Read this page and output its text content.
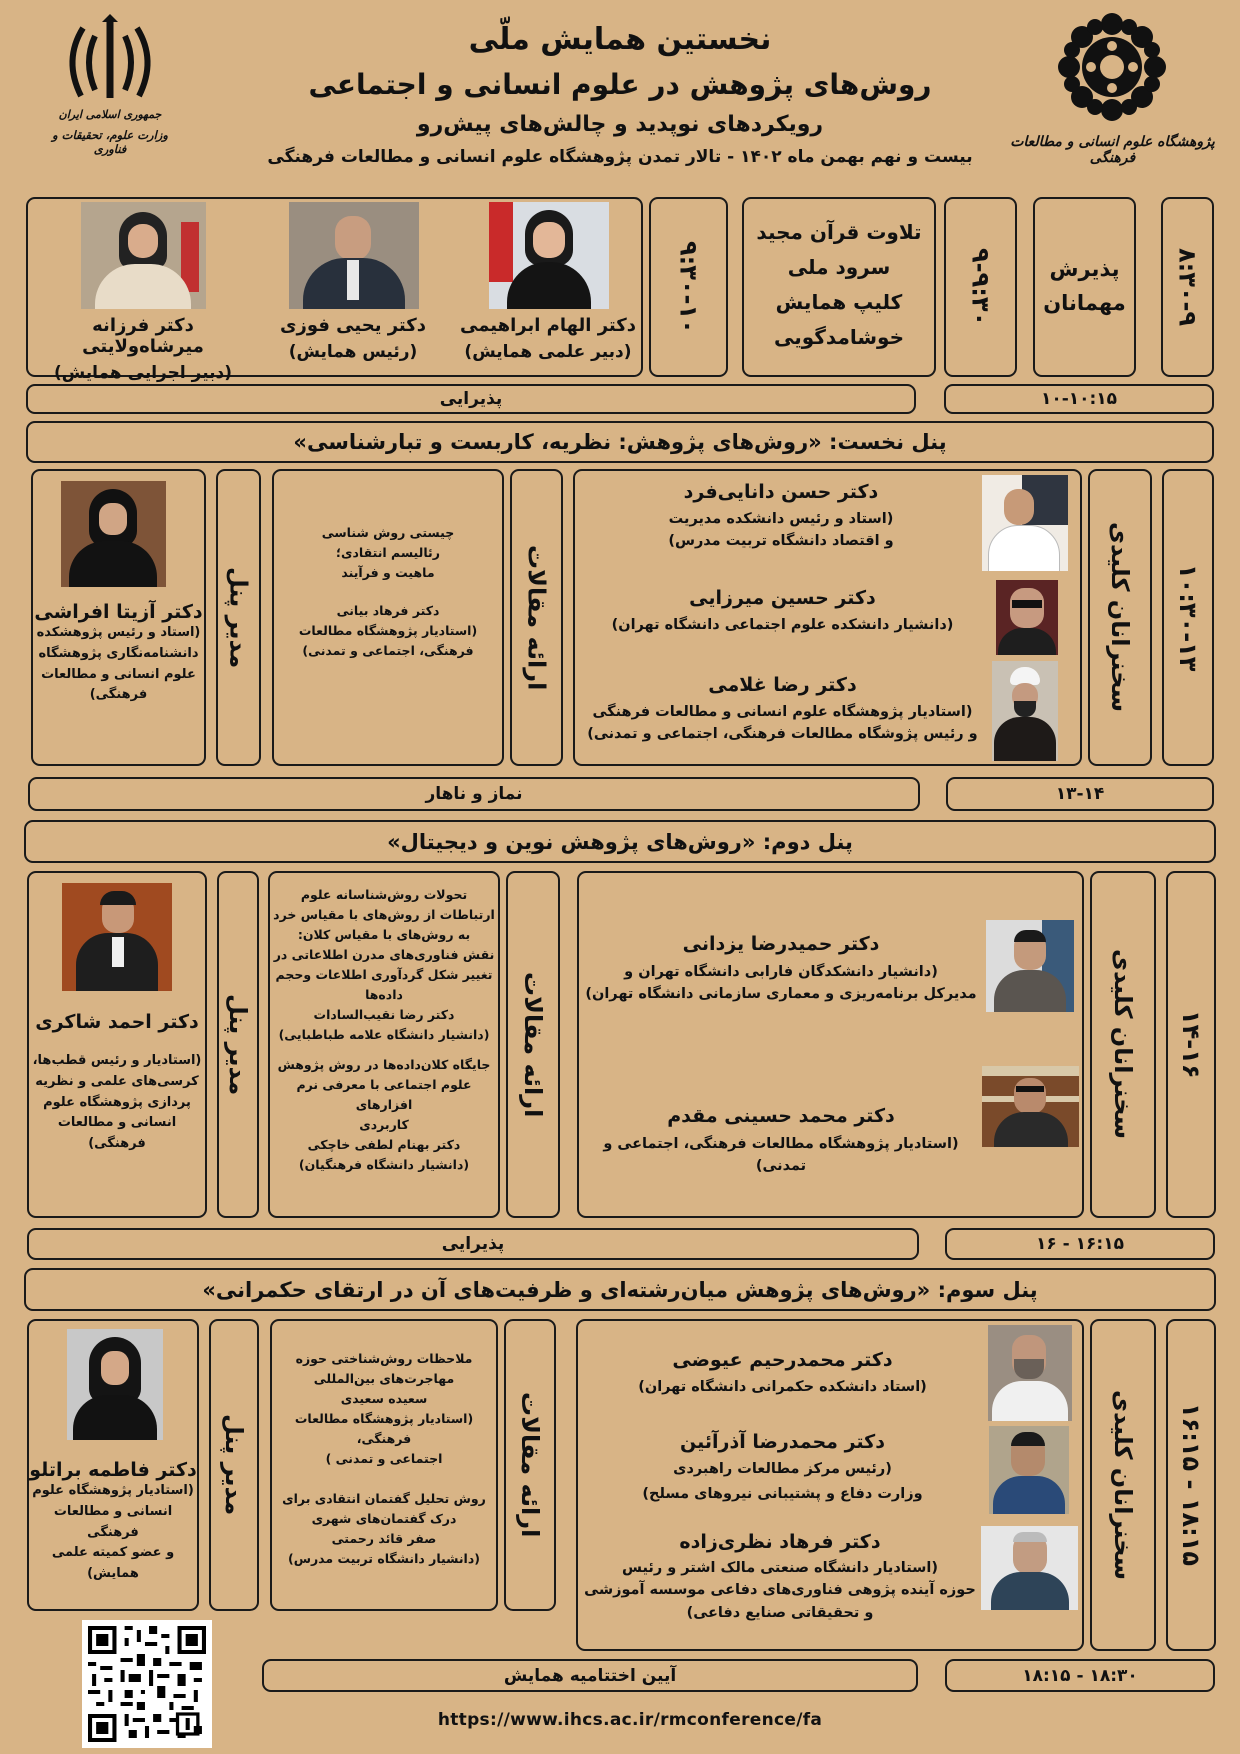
جمهوری اسلامی ایران
وزارت علوم، تحقیقات و فناوری	پژوهشگاه علوم انسانی و مطالعات فرهنگی
نخستین همایش ملّی
روش‌های پژوهش در علوم انسانی و اجتماعی
رویکردهای نوپدید و چالش‌های پیش‌رو
بیست و نهم بهمن ماه ۱۴۰۲ - تالار تمدن پژوهشگاه علوم انسانی و مطالعات فرهنگی
۸:۳۰-۹
پذیرش مهمانان
۹-۹:۳۰
تلاوت قرآن مجید
سرود ملی
کلیپ همایش
خوشامدگویی
۹:۳۰-۱۰
دکتر الهام ابراهیمی
(دبیر علمی همایش)
دکتر یحیی فوزی
(رئیس همایش)
دکتر فرزانه میرشاه‌ولایتی
(دبیر اجرایی همایش)
۱۰-۱۰:۱۵
پذیرایی
پنل نخست: «روش‌های پژوهش: نظریه، کاربست و تبارشناسی»
۱۰:۳۰-۱۳
سخنرانان کلیدی
دکتر حسن دانایی‌فرد
(استاد و رئیس دانشکده مدیریت
و اقتصاد دانشگاه تربیت مدرس)
دکتر حسین میرزایی
(دانشیار دانشکده علوم اجتماعی دانشگاه تهران)
دکتر رضا غلامی
(استادیار پژوهشگاه علوم انسانی و مطالعات فرهنگی
و رئیس پژوشگاه مطالعات فرهنگی، اجتماعی و تمدنی)
ارائه مقالات
چیستی روش شناسی
رئالیسم انتقادی؛
ماهیت و فرآیند
دکتر فرهاد بیانی
(استادیار پژوهشگاه مطالعات
فرهنگی، اجتماعی و تمدنی)
مدیر پنل
دکتر آزیتا افراشی
(استاد و رئیس پژوهشکده
دانشنامه‌نگاری پژوهشگاه
علوم انسانی و مطالعات
فرهنگی)
۱۳-۱۴
نماز و ناهار
پنل دوم: «روش‌های پژوهش نوین و دیجیتال»
۱۴-۱۶
سخنرانان کلیدی
دکتر حمیدرضا یزدانی
(دانشیار دانشکدگان فارابی دانشگاه تهران و
مدیرکل برنامه‌ریزی و معماری سازمانی دانشگاه تهران)
دکتر محمد حسینی مقدم
(استادیار پژوهشگاه مطالعات فرهنگی، اجتماعی و تمدنی)
ارائه مقالات
تحولات روش‌شناسانه علوم
ارتباطات از روش‌های با مقیاس خرد
به روش‌های با مقیاس کلان:
نقش فناوری‌های مدرن اطلاعاتی در
تغییر شکل گردآوری اطلاعات وحجم
داده‌ها
دکتر رضا نقیب‌السادات
(دانشیار دانشگاه علامه طباطبایی)
جایگاه کلان‌داده‌ها در روش پژوهش
علوم اجتماعی با معرفی نرم افزارهای
کاربردی
دکتر بهنام لطفی خاچکی
(دانشیار دانشگاه فرهنگیان)
مدیر پنل
دکتر احمد شاکری
(استادیار و رئیس قطب‌ها،
کرسی‌های علمی و نظریه
پردازی پژوهشگاه علوم
انسانی و مطالعات فرهنگی)
۱۶ - ۱۶:۱۵
پذیرایی
پنل سوم: «روش‌های پژوهش میان‌رشته‌ای و ظرفیت‌های آن در ارتقای حکمرانی»
۱۶:۱۵ - ۱۸:۱۵
سخنرانان کلیدی
دکتر محمدرحیم عیوضی
(استاد دانشکده حکمرانی دانشگاه تهران)
دکتر محمدرضا آذرآئین
(رئیس مرکز مطالعات راهبردی
وزارت دفاع و پشتیبانی نیروهای مسلح)
دکتر فرهاد نظری‌زاده
(استادیار دانشگاه صنعتی مالک اشتر و رئیس
حوزه آینده پژوهی فناوری‌های دفاعی موسسه آموزشی
و تحقیقاتی صنایع دفاعی)
ارائه مقالات
ملاحظات روش‌شناختی حوزه
مهاجرت‌های بین‌المللی
سعیده سعیدی
(استادیار پژوهشگاه مطالعات فرهنگی،
اجتماعی و تمدنی )
روش تحلیل گفتمان انتقادی برای
درک گفتمان‌های شهری
صفر قائد رحمتی
(دانشیار دانشگاه تربیت مدرس)
مدیر پنل
دکتر فاطمه براتلو
(استادیار پژوهشگاه علوم
انسانی و مطالعات فرهنگی
و عضو کمیته علمی
همایش)
۱۸:۱۵ - ۱۸:۳۰
آیین اختتامیه همایش
https://www.ihcs.ac.ir/rmconference/fa
